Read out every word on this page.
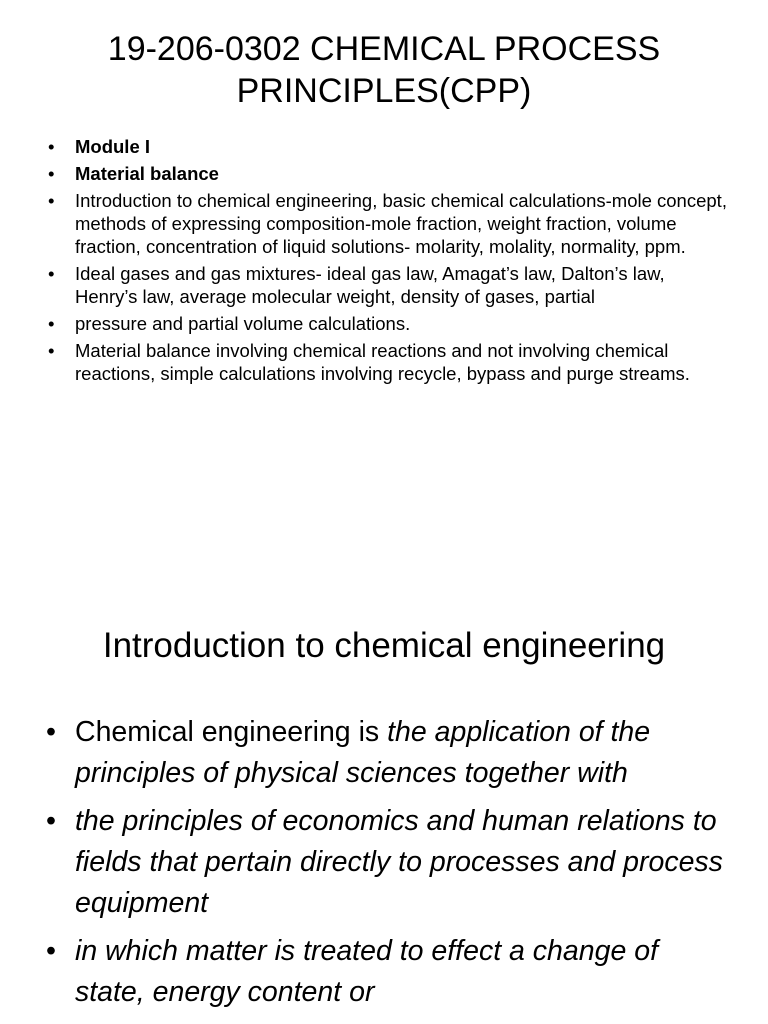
19-206-0302 CHEMICAL PROCESS PRINCIPLES(CPP)
• Module I
• Material balance
• Introduction to chemical engineering, basic chemical calculations-mole concept, methods of expressing composition-mole fraction, weight fraction, volume fraction, concentration of liquid solutions- molarity, molality, normality, ppm.
• Ideal gases and gas mixtures- ideal gas law, Amagat’s law, Dalton’s law, Henry’s law, average molecular weight, density of gases, partial
• pressure and partial volume calculations.
• Material balance involving chemical reactions and not involving chemical reactions, simple calculations involving recycle, bypass and purge streams.
Introduction to chemical engineering
• Chemical engineering is the application of the principles of physical sciences together with
• the principles of economics and human relations to fields that pertain directly to processes and process equipment
• in which matter is treated to effect a change of state, energy content or
